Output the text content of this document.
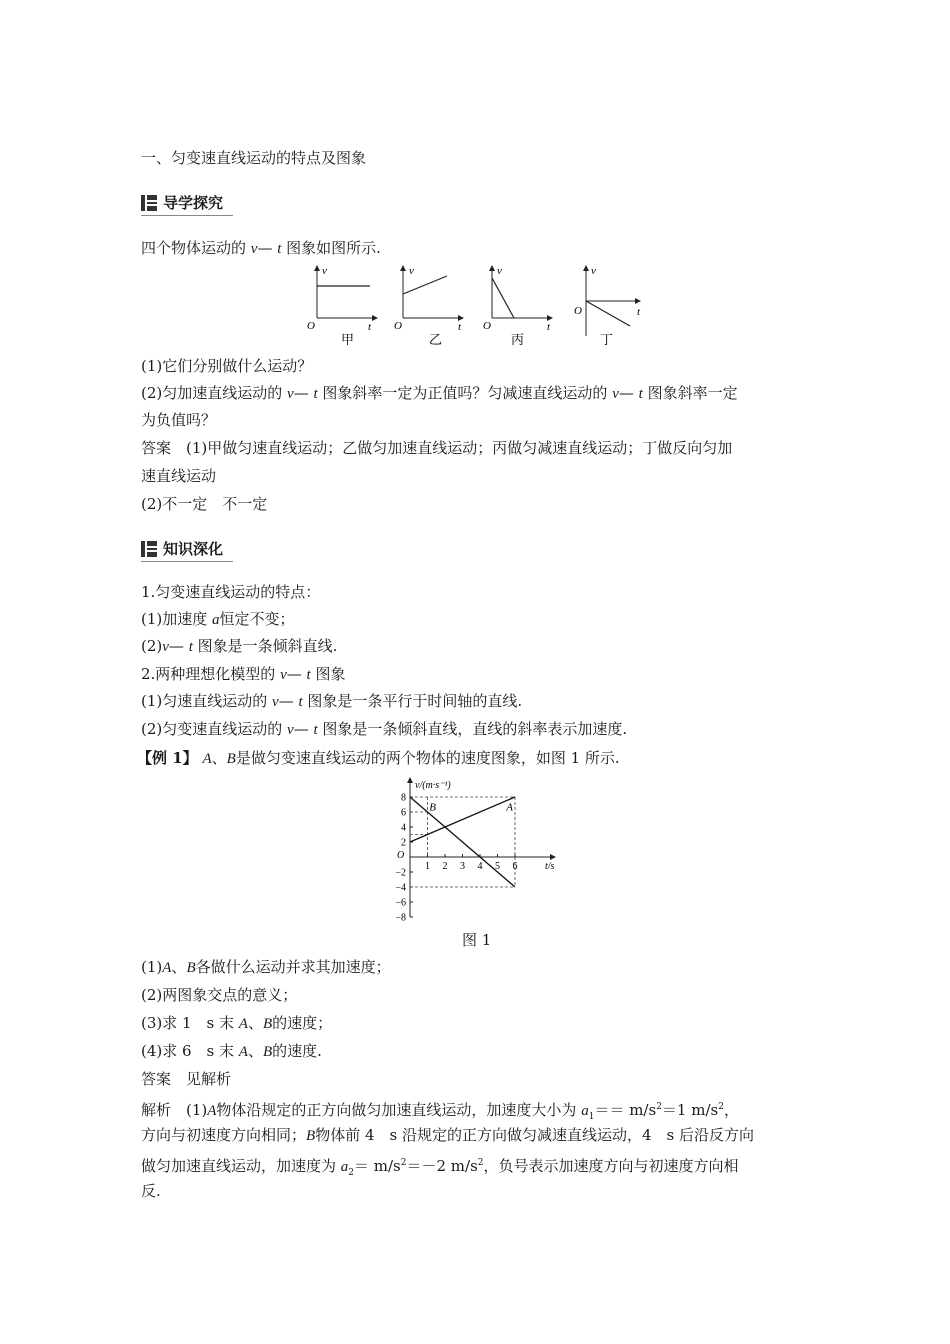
一、匀变速直线运动的特点及图象
导学探究
四个物体运动的 v— t 图象如图所示.
v
t
O
甲
v
t
O
乙
v
t
O
丙
v
t
O
丁
(1)它们分别做什么运动？
(2)匀加速直线运动的 v— t 图象斜率一定为正值吗？匀减速直线运动的 v— t 图象斜率一定
为负值吗？
答案　(1)甲做匀速直线运动；乙做匀加速直线运动；丙做匀减速直线运动；丁做反向匀加
速直线运动
(2)不一定　不一定
知识深化
1.匀变速直线运动的特点：
(1)加速度 a恒定不变；
(2)v— t 图象是一条倾斜直线.
2.两种理想化模型的 v— t 图象
(1)匀速直线运动的 v— t 图象是一条平行于时间轴的直线.
(2)匀变速直线运动的 v— t 图象是一条倾斜直线，直线的斜率表示加速度.
【例 1】 A、B是做匀变速直线运动的两个物体的速度图象，如图 1 所示.
v/(m·s⁻¹)
t/s
O
8
6
4
2
−2
−4
−6
−8
1 2 3 4 5 6
A
B
图 1
(1)A、B各做什么运动并求其加速度；
(2)两图象交点的意义；
(3)求 1　s 末 A、B的速度；
(4)求 6　s 末 A、B的速度.
答案　见解析
解析　(1)A物体沿规定的正方向做匀加速直线运动，加速度大小为 $a_1== m/s^2=1$ $m/s^2$，
方向与初速度方向相同；B物体前 4　s 沿规定的正方向做匀减速直线运动，4　s 后沿反方向
做匀加速直线运动，加速度为 $a_2= m/s^2=-2$ $m/s^2$，负号表示加速度方向与初速度方向相
反.
